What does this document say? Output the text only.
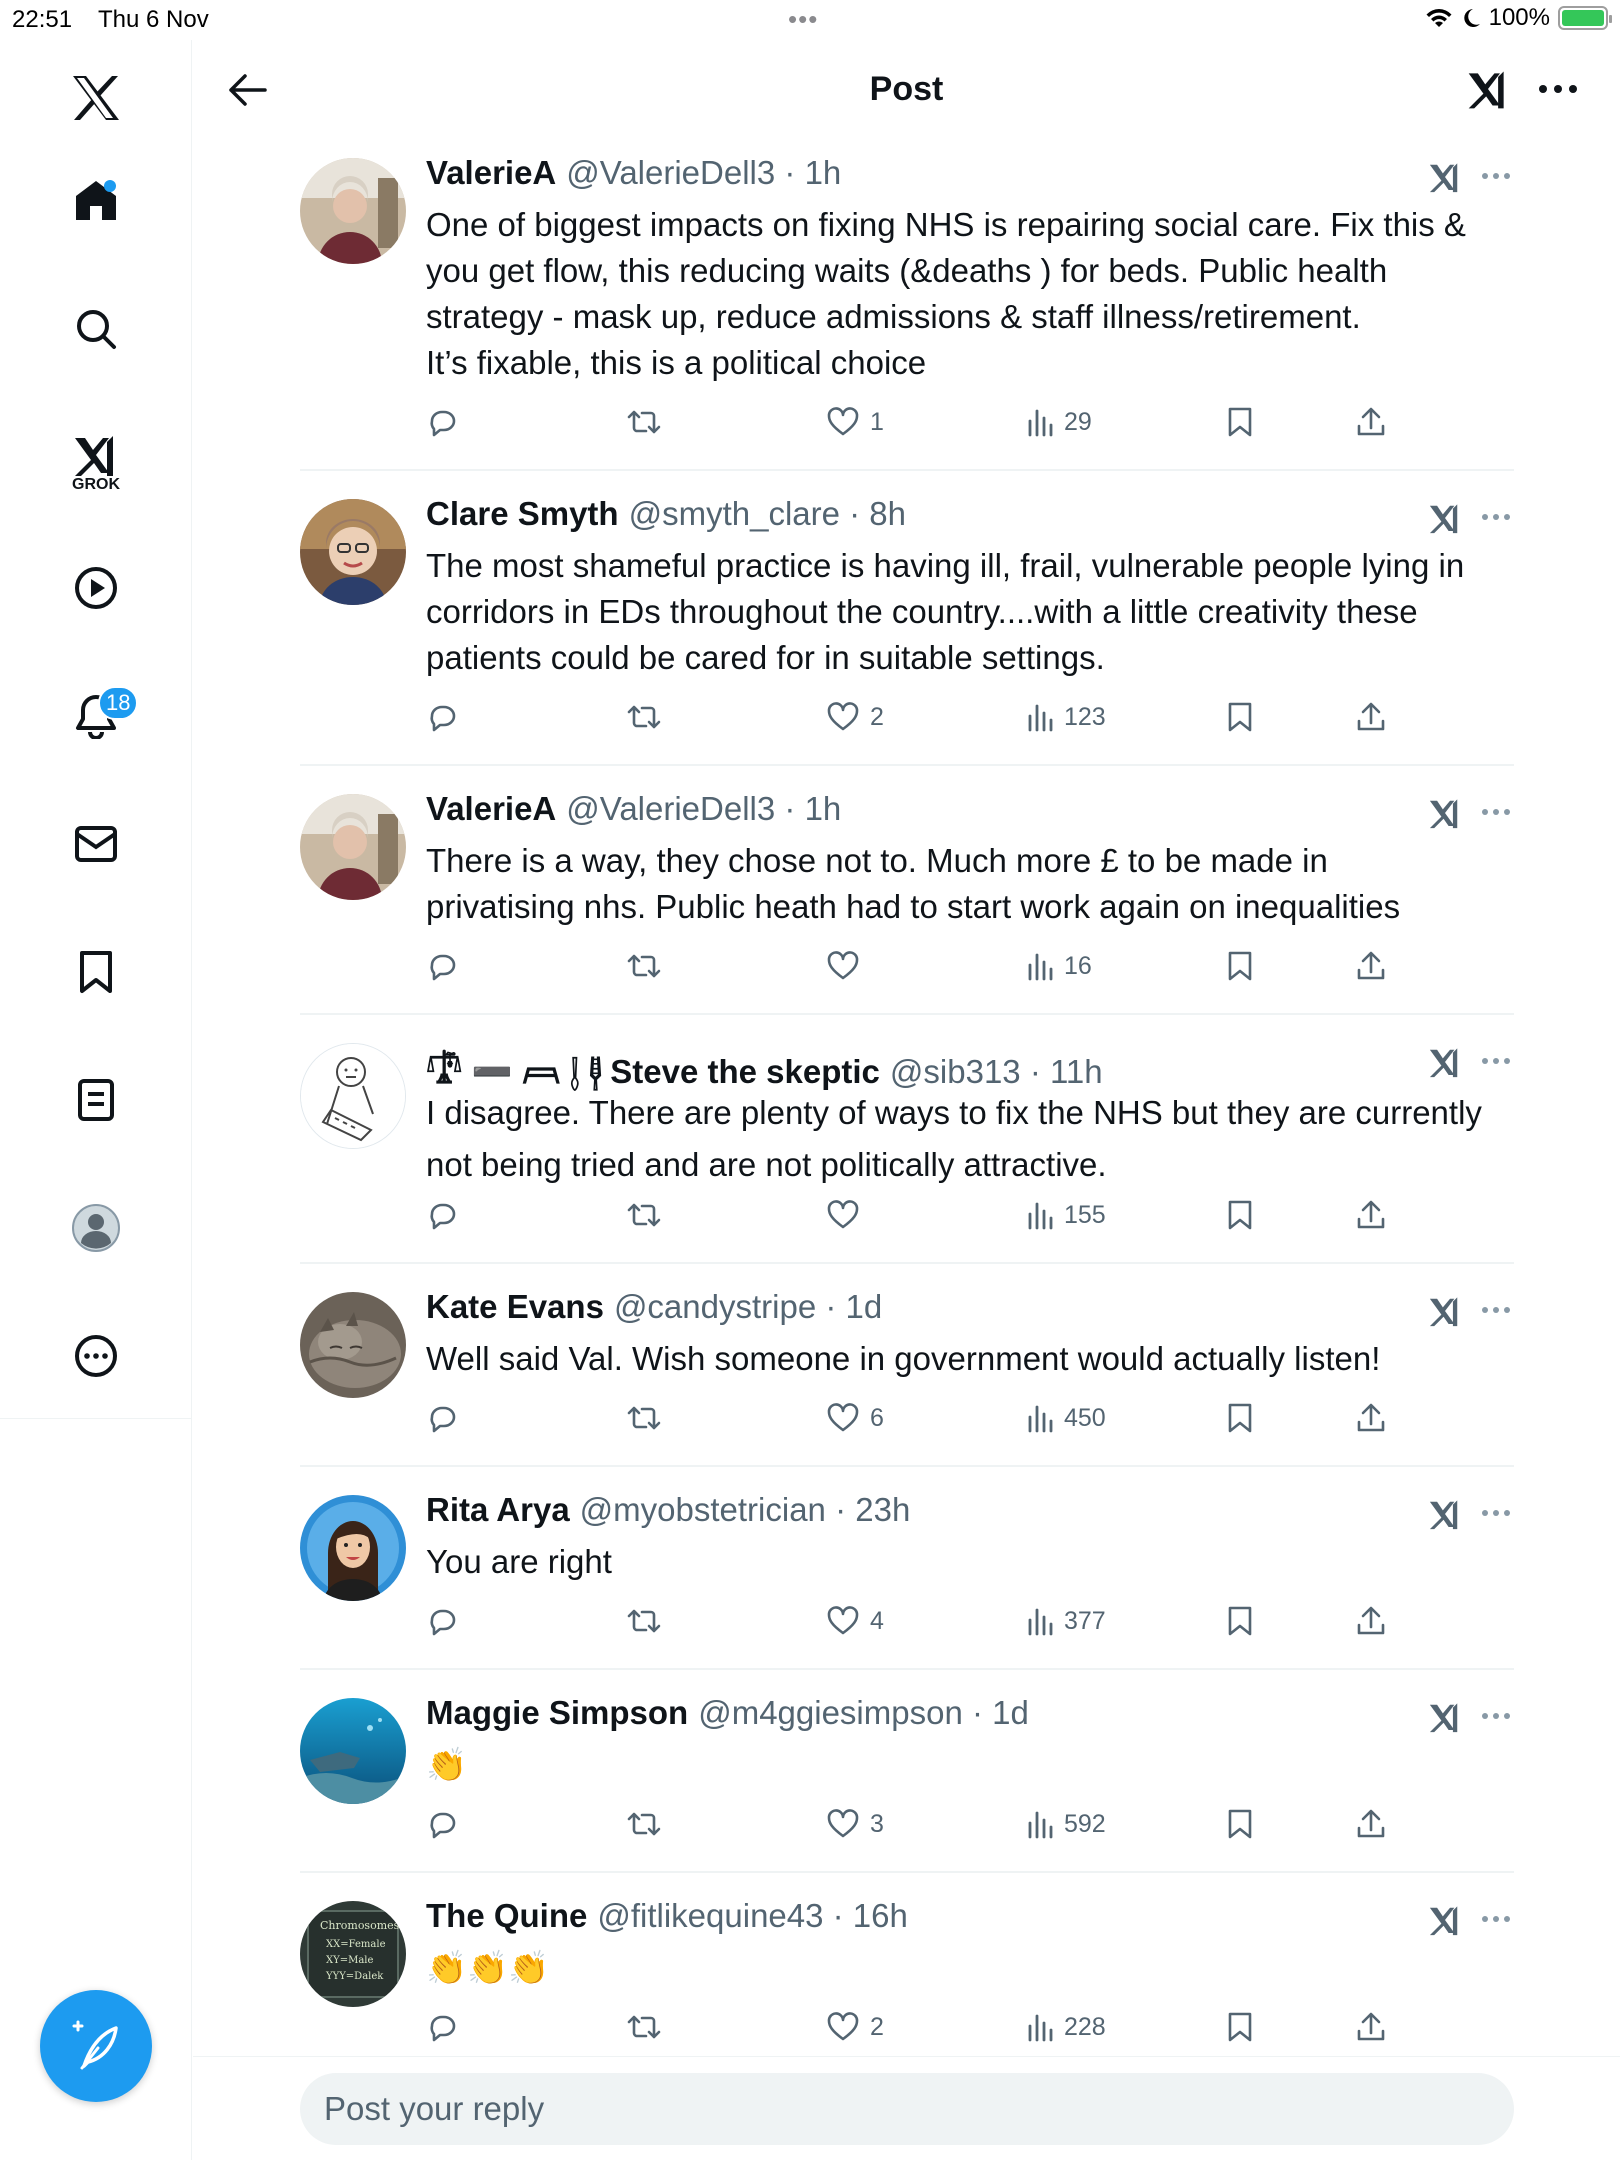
22:51 Thu 6 Nov	•••	100%
GROK
18
Post
ValerieA @ValerieDell3 · 1h
One of biggest impacts on fixing NHS is repairing social care. Fix this &
you get flow, this reducing waits (&deaths ) for beds. Public health
strategy - mask up, reduce admissions & staff illness/retirement.
It’s fixable, this is a political choice
1	29
Clare Smyth @smyth_clare · 8h
The most shameful practice is having ill, frail, vulnerable people lying in
corridors in EDs throughout the country....with a little creativity these
patients could be cared for in suitable settings.
2	123
ValerieA @ValerieDell3 · 1h
There is a way, they chose not to. Much more £ to be made in
privatising nhs. Public heath had to start work again on inequalities
16
𓍝 ➖ 𓊳 𓊤 𓊢 Steve the skeptic @sib313 · 11h
I disagree. There are plenty of ways to fix the NHS but they are currently
not being tried and are not politically attractive.
155
Kate Evans @candystripe · 1d
Well said Val. Wish someone in government would actually listen!
6	450
Rita Arya @myobstetrician · 23h
You are right
4	377
Maggie Simpson @m4ggiesimpson · 1d
👏
3	592
Chromosomes
XX=Female
XY=Male
YYY=Dalek
The Quine @fitlikequine43 · 16h
👏👏👏
2	228
Post your reply
